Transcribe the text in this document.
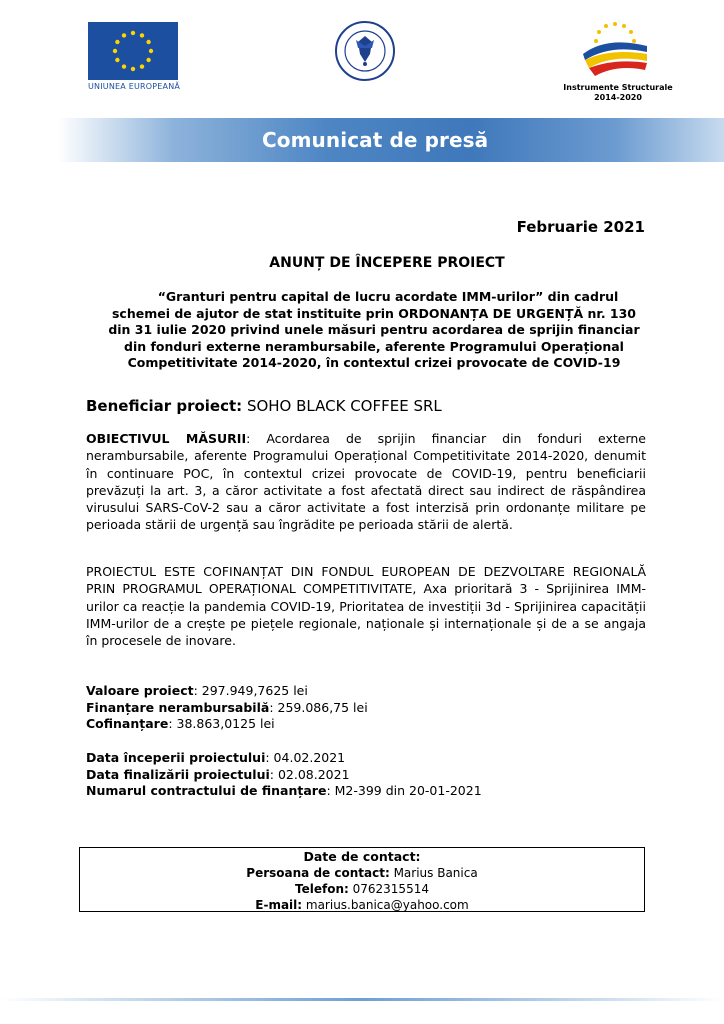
UNIUNEA EUROPEANĂ	Instrumente Structurale
2014-2020
Comunicat de presă
Februarie 2021
ANUNȚ DE ÎNCEPERE PROIECT
“Granturi pentru capital de lucru acordate IMM-urilor” din cadrul schemei de ajutor de stat instituite prin ORDONANȚA DE URGENȚĂ nr. 130 din 31 iulie 2020 privind unele măsuri pentru acordarea de sprijin financiar din fonduri externe nerambursabile, aferente Programului Operațional Competitivitate 2014-2020, în contextul crizei provocate de COVID-19
Beneficiar proiect: SOHO BLACK COFFEE SRL
OBIECTIVUL MĂSURII: Acordarea de sprijin financiar din fonduri externe nerambursabile, aferente Programului Operațional Competitivitate 2014-2020, denumit în continuare POC, în contextul crizei provocate de COVID-19, pentru beneficiarii prevăzuți la art. 3, a căror activitate a fost afectată direct sau indirect de răspândirea virusului SARS-CoV-2 sau a căror activitate a fost interzisă prin ordonanțe militare pe perioada stării de urgență sau îngrădite pe perioada stării de alertă.
PROIECTUL ESTE COFINANȚAT DIN FONDUL EUROPEAN DE DEZVOLTARE REGIONALĂ PRIN PROGRAMUL OPERAȚIONAL COMPETITIVITATE, Axa prioritară 3 - Sprijinirea IMM-urilor ca reacție la pandemia COVID-19, Prioritatea de investiții 3d - Sprijinirea capacității IMM-urilor de a crește pe piețele regionale, naționale și internaționale și de a se angaja în procesele de inovare.
Valoare proiect: 297.949,7625 lei
Finanțare nerambursabilă: 259.086,75 lei
Cofinanțare: 38.863,0125 lei
Data începerii proiectului: 04.02.2021
Data finalizării proiectului: 02.08.2021
Numarul contractului de finanțare: M2-399 din 20-01-2021
Date de contact:
Persoana de contact: Marius Banica
Telefon: 0762315514
E-mail: marius.banica@yahoo.com
